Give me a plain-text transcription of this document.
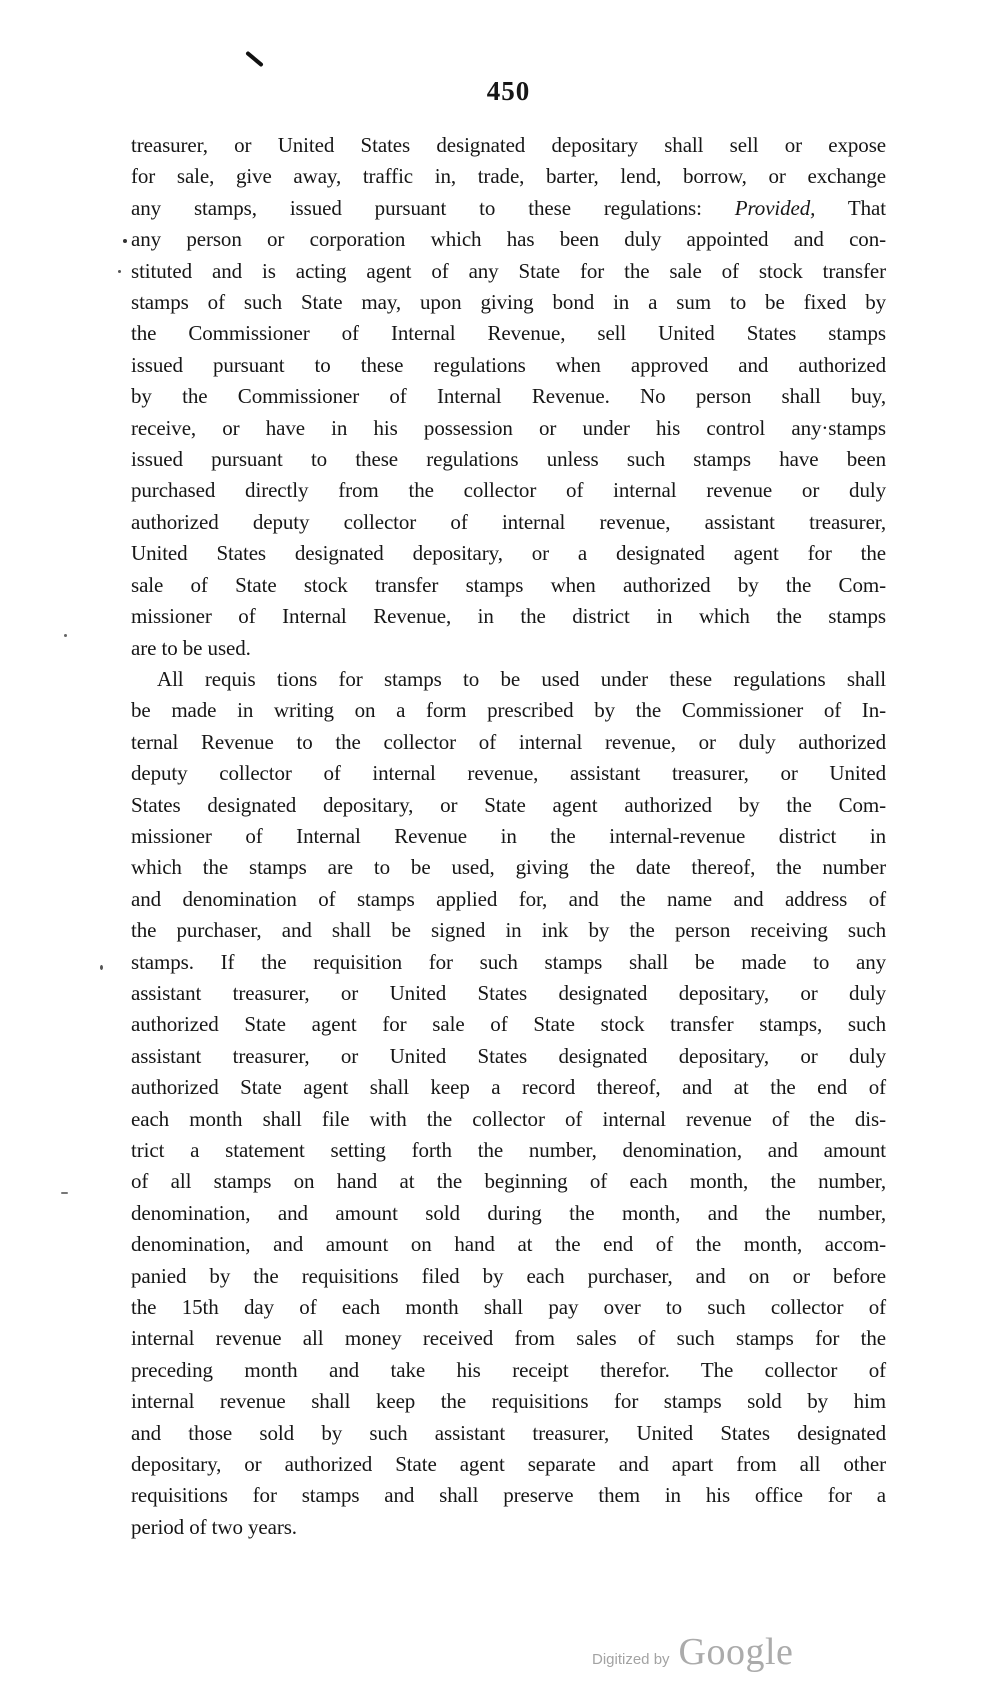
450
treasurer, or United States designated depositary shall sell or expose
for sale, give away, traffic in, trade, barter, lend, borrow, or exchange
any stamps, issued pursuant to these regulations: Provided, That
any person or corporation which has been duly appointed and con-
stituted and is acting agent of any State for the sale of stock transfer
stamps of such State may, upon giving bond in a sum to be fixed by
the Commissioner of Internal Revenue, sell United States stamps
issued pursuant to these regulations when approved and authorized
by the Commissioner of Internal Revenue. No person shall buy,
receive, or have in his possession or under his control any·stamps
issued pursuant to these regulations unless such stamps have been
purchased directly from the collector of internal revenue or duly
authorized deputy collector of internal revenue, assistant treasurer,
United States designated depositary, or a designated agent for the
sale of State stock transfer stamps when authorized by the Com-
missioner of Internal Revenue, in the district in which the stamps
are to be used.
All requis tions for stamps to be used under these regulations shall
be made in writing on a form prescribed by the Commissioner of In-
ternal Revenue to the collector of internal revenue, or duly authorized
deputy collector of internal revenue, assistant treasurer, or United
States designated depositary, or State agent authorized by the Com-
missioner of Internal Revenue in the internal-revenue district in
which the stamps are to be used, giving the date thereof, the number
and denomination of stamps applied for, and the name and address of
the purchaser, and shall be signed in ink by the person receiving such
stamps. If the requisition for such stamps shall be made to any
assistant treasurer, or United States designated depositary, or duly
authorized State agent for sale of State stock transfer stamps, such
assistant treasurer, or United States designated depositary, or duly
authorized State agent shall keep a record thereof, and at the end of
each month shall file with the collector of internal revenue of the dis-
trict a statement setting forth the number, denomination, and amount
of all stamps on hand at the beginning of each month, the number,
denomination, and amount sold during the month, and the number,
denomination, and amount on hand at the end of the month, accom-
panied by the requisitions filed by each purchaser, and on or before
the 15th day of each month shall pay over to such collector of
internal revenue all money received from sales of such stamps for the
preceding month and take his receipt therefor. The collector of
internal revenue shall keep the requisitions for stamps sold by him
and those sold by such assistant treasurer, United States designated
depositary, or authorized State agent separate and apart from all other
requisitions for stamps and shall preserve them in his office for a
period of two years.
Digitized by Google
